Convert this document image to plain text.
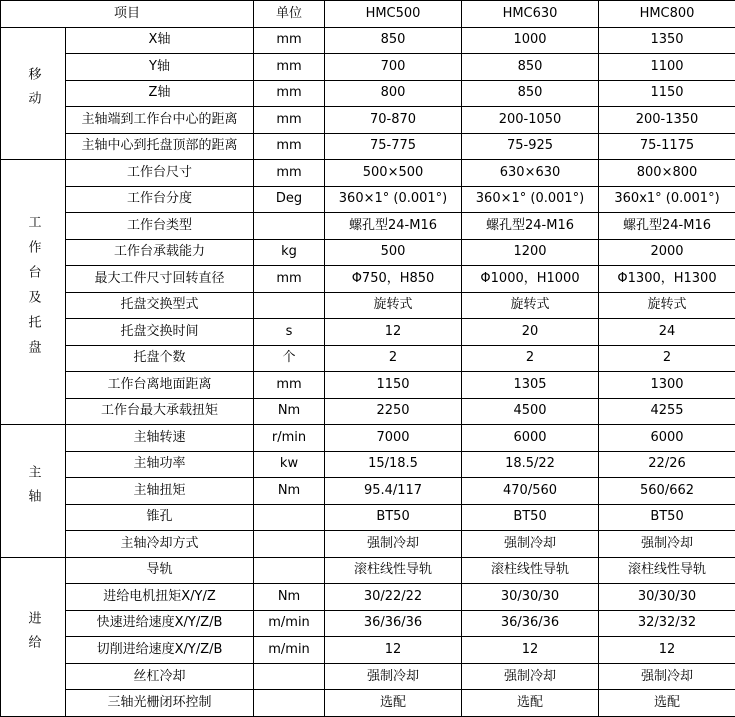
项目		单位	HMC500	HMC630	HMC800
移动	X轴	mm	850	1000	1350
	Y轴	mm	700	850	1100
	Z轴	mm	800	850	1150
	主轴端到工作台中心的距离	mm	70-870	200-1050	200-1350
	主轴中心到托盘顶部的距离	mm	75-775	75-925	75-1175
工作台及托盘	工作台尺寸	mm	500×500	630×630	800×800
	工作台分度	Deg	360×1° (0.001°)	360×1° (0.001°)	360x1° (0.001°)
	工作台类型		螺孔型24-M16	螺孔型24-M16	螺孔型24-M16
	工作台承载能力	kg	500	1200	2000
	最大工件尺寸回转直径	mm	Φ750，H850	Φ1000，H1000	Φ1300，H1300
	托盘交换型式		旋转式	旋转式	旋转式
	托盘交换时间	s	12	20	24
	托盘个数	个	2	2	2
	工作台离地面距离	mm	1150	1305	1300
	工作台最大承载扭矩	Nm	2250	4500	4255
主轴	主轴转速	r/min	7000	6000	6000
	主轴功率	kw	15/18.5	18.5/22	22/26
	主轴扭矩	Nm	95.4/117	470/560	560/662
	锥孔		BT50	BT50	BT50
	主轴冷却方式		强制冷却	强制冷却	强制冷却
进给	导轨		滚柱线性导轨	滚柱线性导轨	滚柱线性导轨
	进给电机扭矩X/Y/Z	Nm	30/22/22	30/30/30	30/30/30
	快速进给速度X/Y/Z/B	m/min	36/36/36	36/36/36	32/32/32
	切削进给速度X/Y/Z/B	m/min	12	12	12
	丝杠冷却		强制冷却	强制冷却	强制冷却
	三轴光栅闭环控制		选配	选配	选配
